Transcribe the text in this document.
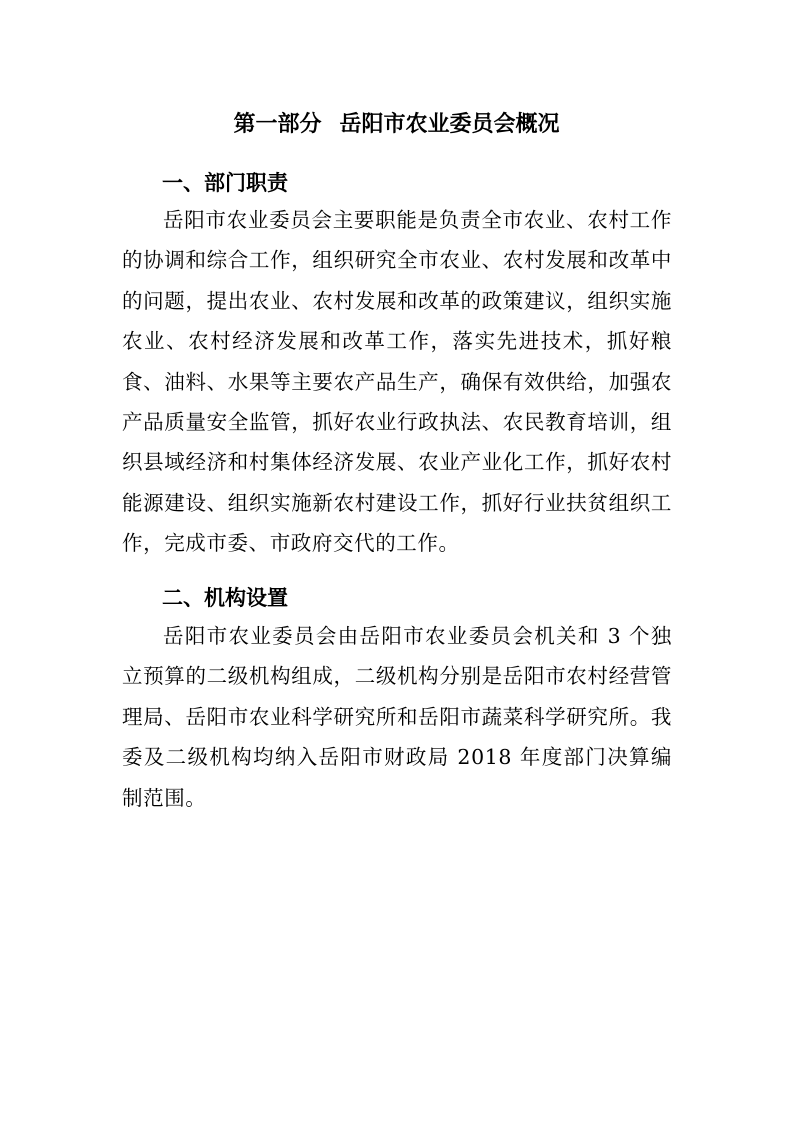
第一部分 岳阳市农业委员会概况
一、部门职责

岳阳市农业委员会主要职能是负责全市农业、农村工作的协调和综合工作，组织研究全市农业、农村发展和改革中的问题，提出农业、农村发展和改革的政策建议，组织实施农业、农村经济发展和改革工作，落实先进技术，抓好粮食、油料、水果等主要农产品生产，确保有效供给，加强农产品质量安全监管，抓好农业行政执法、农民教育培训，组织县域经济和村集体经济发展、农业产业化工作，抓好农村能源建设、组织实施新农村建设工作，抓好行业扶贫组织工作，完成市委、市政府交代的工作。

二、机构设置

岳阳市农业委员会由岳阳市农业委员会机关和 3 个独立预算的二级机构组成，二级机构分别是岳阳市农村经营管理局、岳阳市农业科学研究所和岳阳市蔬菜科学研究所。我委及二级机构均纳入岳阳市财政局 2018 年度部门决算编制范围。
